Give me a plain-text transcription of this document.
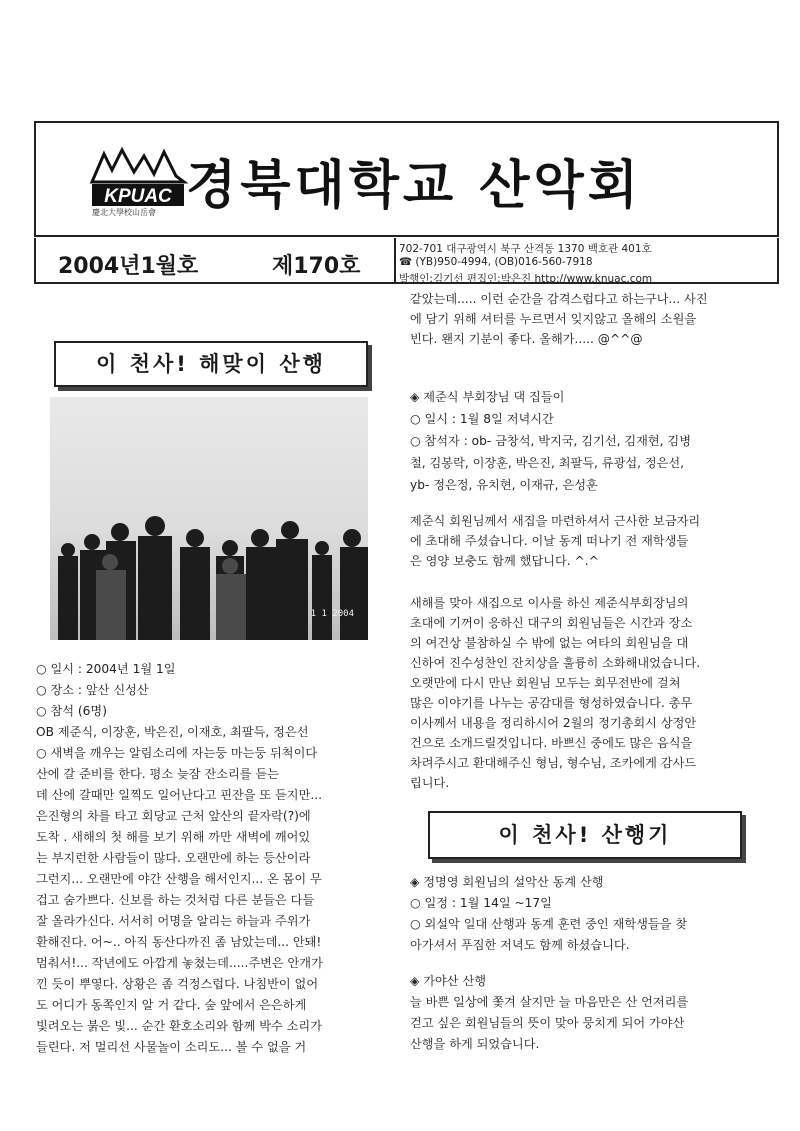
KPUAC
慶北大學校山岳會 경북대학교 산악회
2004년1월호	제170호
702-701 대구광역시 북구 산격동 1370 백호관 401호
☎ (YB)950-4994, (OB)016-560-7918
발행인:김기선 편집인:박은진 http://www.knuac.com
이 천사! 해맞이 산행
1 1 2004
○ 일시 : 2004년 1월 1일
○ 장소 : 앞산 신성산
○ 참석 (6명)
OB 제준식, 이장훈, 박은진, 이재호, 최팔득, 정은선
○ 새벽을 깨우는 알림소리에 자는둥 마는둥 뒤척이다
산에 갈 준비를 한다. 평소 늦잠 잔소리를 듣는
데 산에 갈때만 일찍도 일어난다고 핀잔을 또 듣지만...
은진형의 차를 타고 회당교 근처 앞산의 끝자락(?)에
도착 . 새해의 첫 해를 보기 위해 까만 새벽에 깨어있
는 부지런한 사람들이 많다. 오랜만에 하는 등산이라
그런지... 오랜만에 야간 산행을 해서인지... 온 몸이 무
겁고 숨가쁘다. 신보를 하는 것처럼 다른 분들은 다들
잘 올라가신다. 서서히 어명을 알리는 하늘과 주위가
환해진다. 어~.. 아직 동산다까진 좀 남았는데... 안돼!
멈춰서!... 작년에도 아깝게 놓쳤는데.....주변은 안개가
낀 듯이 뿌옇다. 상황은 좀 걱정스럽다. 나침반이 없어
도 어디가 동쪽인지 알 거 같다. 숲 앞에서 은은하게
빛려오는 붉은 빛... 순간 환호소리와 함께 박수 소리가
들린다. 저 멀리선 사물놀이 소리도... 볼 수 없을 거
같았는데..... 이런 순간을 감격스럽다고 하는구나... 사진
에 담기 위해 셔터를 누르면서 잊지않고 올해의 소원을
빈다. 왠지 기분이 좋다. 올해가..... @^^@
◈ 제준식 부회장님 댁 집들이
○ 일시 : 1월 8일 저녁시간
○ 참석자 : ob- 금창석, 박지국, 김기선, 김재현, 김병
철, 김봉락, 이장훈, 박은진, 최팔득, 류광섭, 정은선,
yb- 정은정, 유치현, 이재규, 은성훈
제준식 회원님께서 새집을 마련하셔서 근사한 보금자리
에 초대해 주셨습니다. 이날 동계 떠나기 전 재학생들
은 영양 보충도 함께 했답니다. ^.^
새해를 맞아 새집으로 이사를 하신 제준식부회장님의
초대에 기꺼이 응하신 대구의 회원님들은 시간과 장소
의 여건상 불참하실 수 밖에 없는 여타의 회원님을 대
신하여 진수성찬인 잔치상을 훌륭히 소화해내었습니다.
오랫만에 다시 만난 회원님 모두는 회무전반에 걸쳐
많은 이야기를 나누는 공감대를 형성하였습니다. 총무
이사께서 내용을 정리하시어 2월의 정기총회시 상정안
건으로 소개드릴것입니다. 바쁘신 중에도 많은 음식을
차려주시고 환대해주신 형님, 형수님, 조카에게 감사드
립니다.
이 천사! 산행기
◈ 정명영 회원님의 설악산 동계 산행
○ 일정 : 1월 14일 ~17일
○ 외설악 일대 산행과 동계 훈련 중인 재학생들을 찾
아가셔서 푸짐한 저녁도 함께 하셨습니다.
◈ 가야산 산행
늘 바쁜 일상에 쫓겨 살지만 늘 마음만은 산 언저리를
걷고 싶은 회원님들의 뜻이 맞아 뭉치게 되어 가야산
산행을 하게 되었습니다.
